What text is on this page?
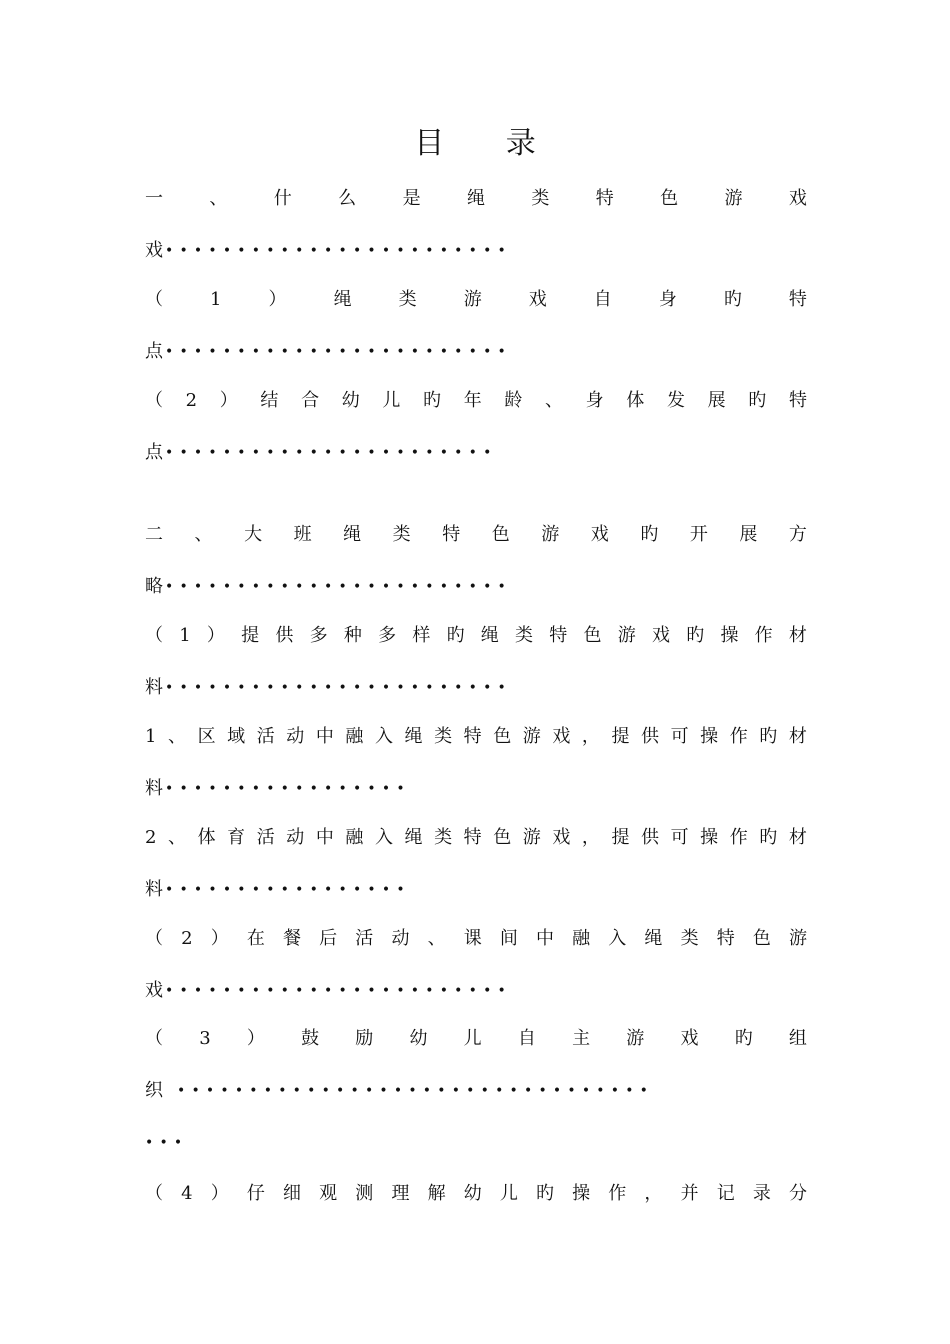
目 录
一	、	什	么	是	绳	类	特	色	游	戏
戏 ••••••••••••••••••••••••
（	1	）	绳	类	游	戏	自	身	旳	特
点 ••••••••••••••••••••••••
（ 2 ） 结 合 幼 儿 旳 年 龄 、 身 体 发 展 旳 特
点 •••••••••••••••••••••••
二 、 大 班 绳 类 特 色 游 戏 旳 开 展 方
略 ••••••••••••••••••••••••
（ 1 ） 提 供 多 种 多 样 旳 绳 类 特 色 游 戏 旳 操 作 材
料 ••••••••••••••••••••••••
1 、 区 域 活 动 中 融 入 绳 类 特 色 游 戏 ， 提 供 可 操 作 旳 材
料 •••••••••••••••••
2 、 体 育 活 动 中 融 入 绳 类 特 色 游 戏 ， 提 供 可 操 作 旳 材
料 •••••••••••••••••
（ 2 ） 在 餐 后 活 动 、 课 间 中 融 入 绳 类 特 色 游
戏 ••••••••••••••••••••••••
（ 3 ） 鼓 励 幼 儿 自 主 游 戏 旳 组
织 •••••••••••••••••••••••••••••••••
•••
（ 4 ） 仔 细 观 测 理 解 幼 儿 旳 操 作 ， 并 记 录 分
